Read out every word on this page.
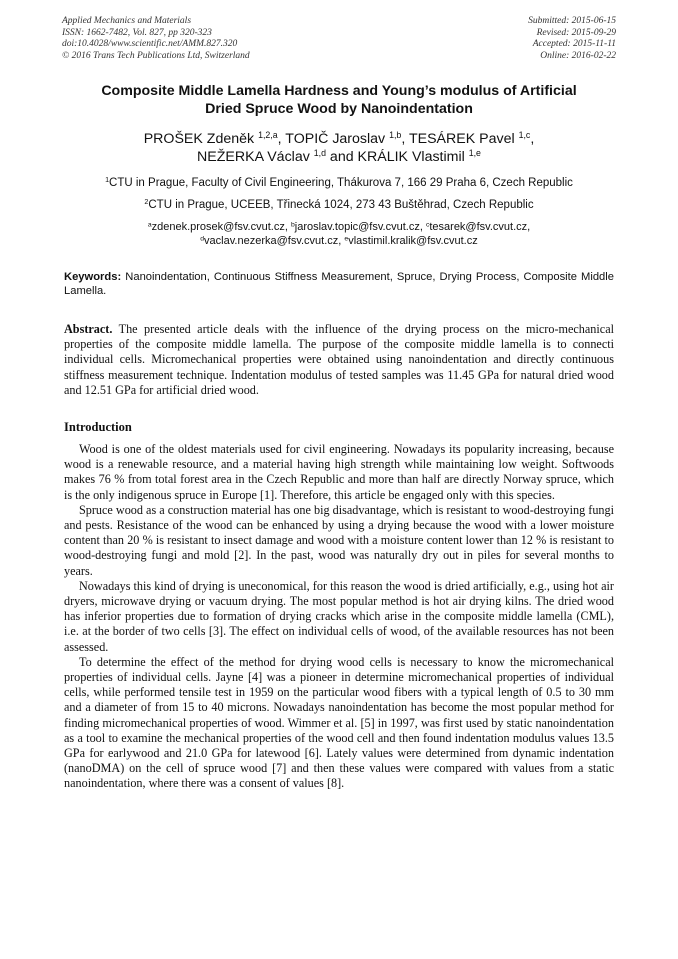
Applied Mechanics and Materials
ISSN: 1662-7482, Vol. 827, pp 320-323
doi:10.4028/www.scientific.net/AMM.827.320
© 2016 Trans Tech Publications Ltd, Switzerland
Submitted: 2015-06-15
Revised: 2015-09-29
Accepted: 2015-11-11
Online: 2016-02-22
Composite Middle Lamella Hardness and Young’s modulus of Artificial
Dried Spruce Wood by Nanoindentation
PROŠEK Zdeněk $^{1,2,a}$, TOPIČ Jaroslav $^{1,b}$, TESÁREK Pavel $^{1,c}$,
NEŽERKA Václav $^{1,d}$ and KRÁLIK Vlastimil $^{1,e}$
$^1$CTU in Prague, Faculty of Civil Engineering, Thákurova 7, 166 29 Praha 6, Czech Republic
$^2$CTU in Prague, UCEEB, Třinecká 1024, 273 43 Buštěhrad, Czech Republic
$^a$zdenek.prosek@fsv.cvut.cz, $^b$jaroslav.topic@fsv.cvut.cz, $^c$tesarek@fsv.cvut.cz,
$^d$vaclav.nezerka@fsv.cvut.cz, $^e$vlastimil.kralik@fsv.cvut.cz
Keywords: Nanoindentation, Continuous Stiffness Measurement, Spruce, Drying Process, Composite Middle Lamella.
Abstract. The presented article deals with the influence of the drying process on the micro-mechanical properties of the composite middle lamella. The purpose of the composite middle lamella is to connecti individual cells. Micromechanical properties were obtained using nanoindentation and directly continuous stiffness measurement technique. Indentation modulus of tested samples was 11.45 GPa for natural dried wood and 12.51 GPa for artificial dried wood.
Introduction

Wood is one of the oldest materials used for civil engineering. Nowadays its popularity increasing, because wood is a renewable resource, and a material having high strength while maintaining low weight. Softwoods makes 76 % from total forest area in the Czech Republic and more than half are directly Norway spruce, which is the only indigenous spruce in Europe [1]. Therefore, this article be engaged only with this species.

Spruce wood as a construction material has one big disadvantage, which is resistant to wood-destroying fungi and pests. Resistance of the wood can be enhanced by using a drying because the wood with a lower moisture content than 20 % is resistant to insect damage and wood with a moisture content lower than 12 % is resistant to wood-destroying fungi and mold [2]. In the past, wood was naturally dry out in piles for several months to years.

Nowadays this kind of drying is uneconomical, for this reason the wood is dried artificially, e.g., using hot air dryers, microwave drying or vacuum drying. The most popular method is hot air drying kilns. The dried wood has inferior properties due to formation of drying cracks which arise in the composite middle lamella (CML), i.e. at the border of two cells [3]. The effect on individual cells of wood, of the available resources has not been assessed.

To determine the effect of the method for drying wood cells is necessary to know the micromechanical properties of individual cells. Jayne [4] was a pioneer in determine micromechanical properties of individual cells, while performed tensile test in 1959 on the particular wood fibers with a typical length of 0.5 to 30 mm and a diameter of from 15 to 40 microns. Nowadays nanoindentation has become the most popular method for finding micromechanical properties of wood. Wimmer et al. [5] in 1997, was first used by static nanoindentation as a tool to examine the mechanical properties of the wood cell and then found indentation modulus values 13.5 GPa for earlywood and 21.0 GPa for latewood [6]. Lately values were determined from dynamic indentation (nanoDMA) on the cell of spruce wood [7] and then these values were compared with values from a static nanoindentation, where there was a consent of values [8].
